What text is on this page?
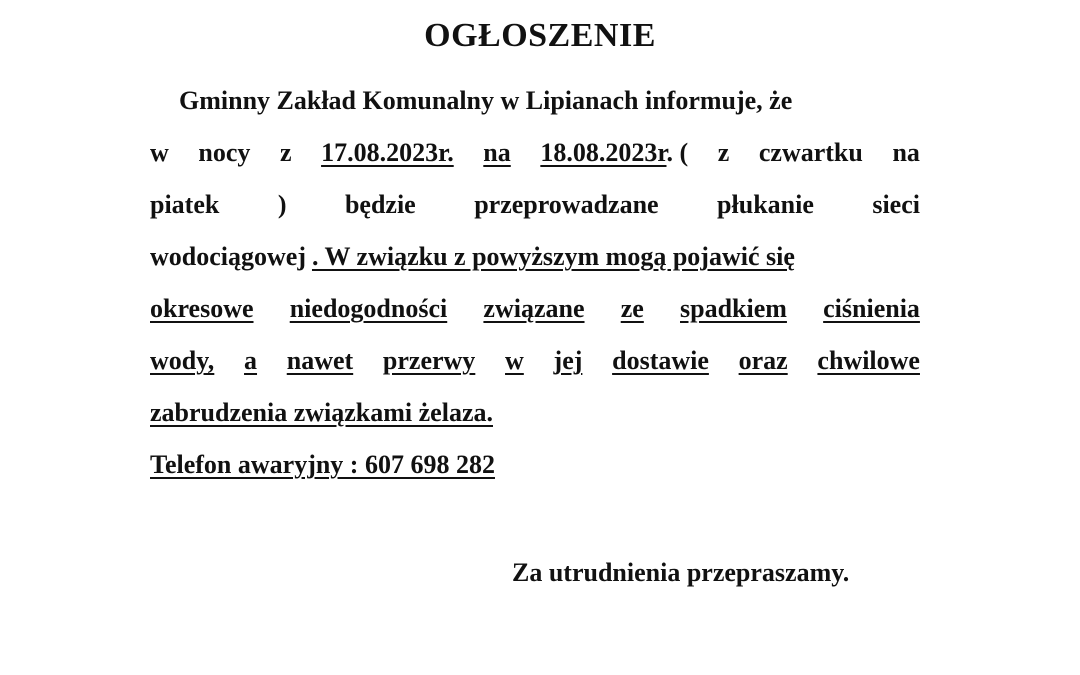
OGŁOSZENIE
Gminny Zakład Komunalny w Lipianach informuje, że
w nocy z 17.08.2023r. na 18.08.2023r. ( z czwartku na
piatek ) będzie przeprowadzane płukanie sieci
wodociągowej . W związku z powyższym mogą pojawić się
okresowe niedogodności związane ze spadkiem ciśnienia
wody, a nawet przerwy w jej dostawie oraz chwilowe
zabrudzenia związkami żelaza.
Telefon awaryjny : 607 698 282
Za utrudnienia przepraszamy.
